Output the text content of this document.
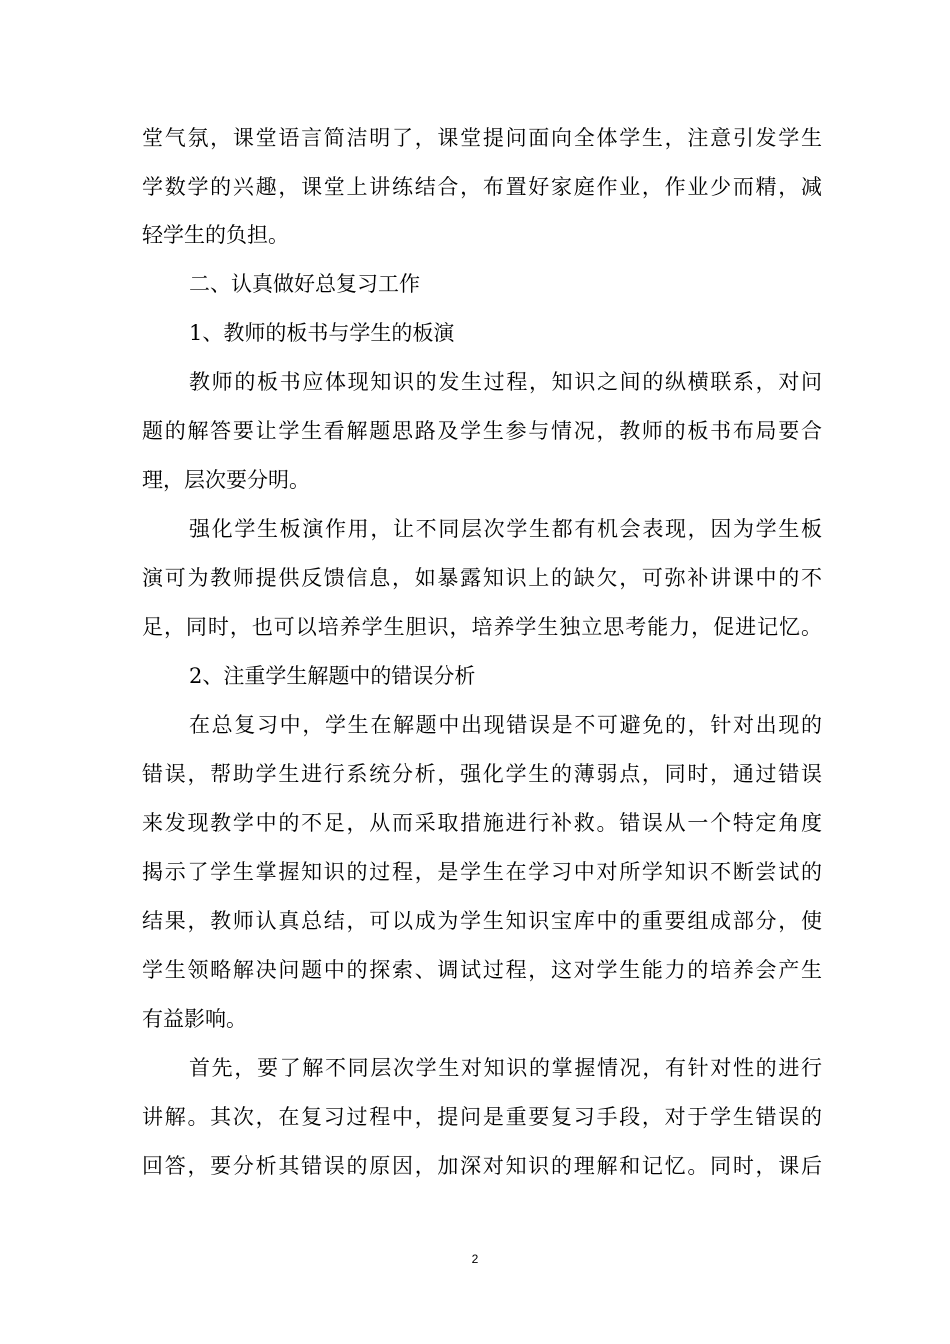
堂气氛，课堂语言简洁明了，课堂提问面向全体学生，注意引发学生
学数学的兴趣，课堂上讲练结合，布置好家庭作业，作业少而精，减
轻学生的负担。
二、认真做好总复习工作
1、教师的板书与学生的板演
教师的板书应体现知识的发生过程，知识之间的纵横联系，对问
题的解答要让学生看解题思路及学生参与情况，教师的板书布局要合
理，层次要分明。
强化学生板演作用，让不同层次学生都有机会表现，因为学生板
演可为教师提供反馈信息，如暴露知识上的缺欠，可弥补讲课中的不
足，同时，也可以培养学生胆识，培养学生独立思考能力，促进记忆。
2、注重学生解题中的错误分析
在总复习中，学生在解题中出现错误是不可避免的，针对出现的
错误，帮助学生进行系统分析，强化学生的薄弱点，同时，通过错误
来发现教学中的不足，从而采取措施进行补救。错误从一个特定角度
揭示了学生掌握知识的过程，是学生在学习中对所学知识不断尝试的
结果，教师认真总结，可以成为学生知识宝库中的重要组成部分，使
学生领略解决问题中的探索、调试过程，这对学生能力的培养会产生
有益影响。
首先，要了解不同层次学生对知识的掌握情况，有针对性的进行
讲解。其次，在复习过程中，提问是重要复习手段，对于学生错误的
回答，要分析其错误的原因，加深对知识的理解和记忆。同时，课后
2
